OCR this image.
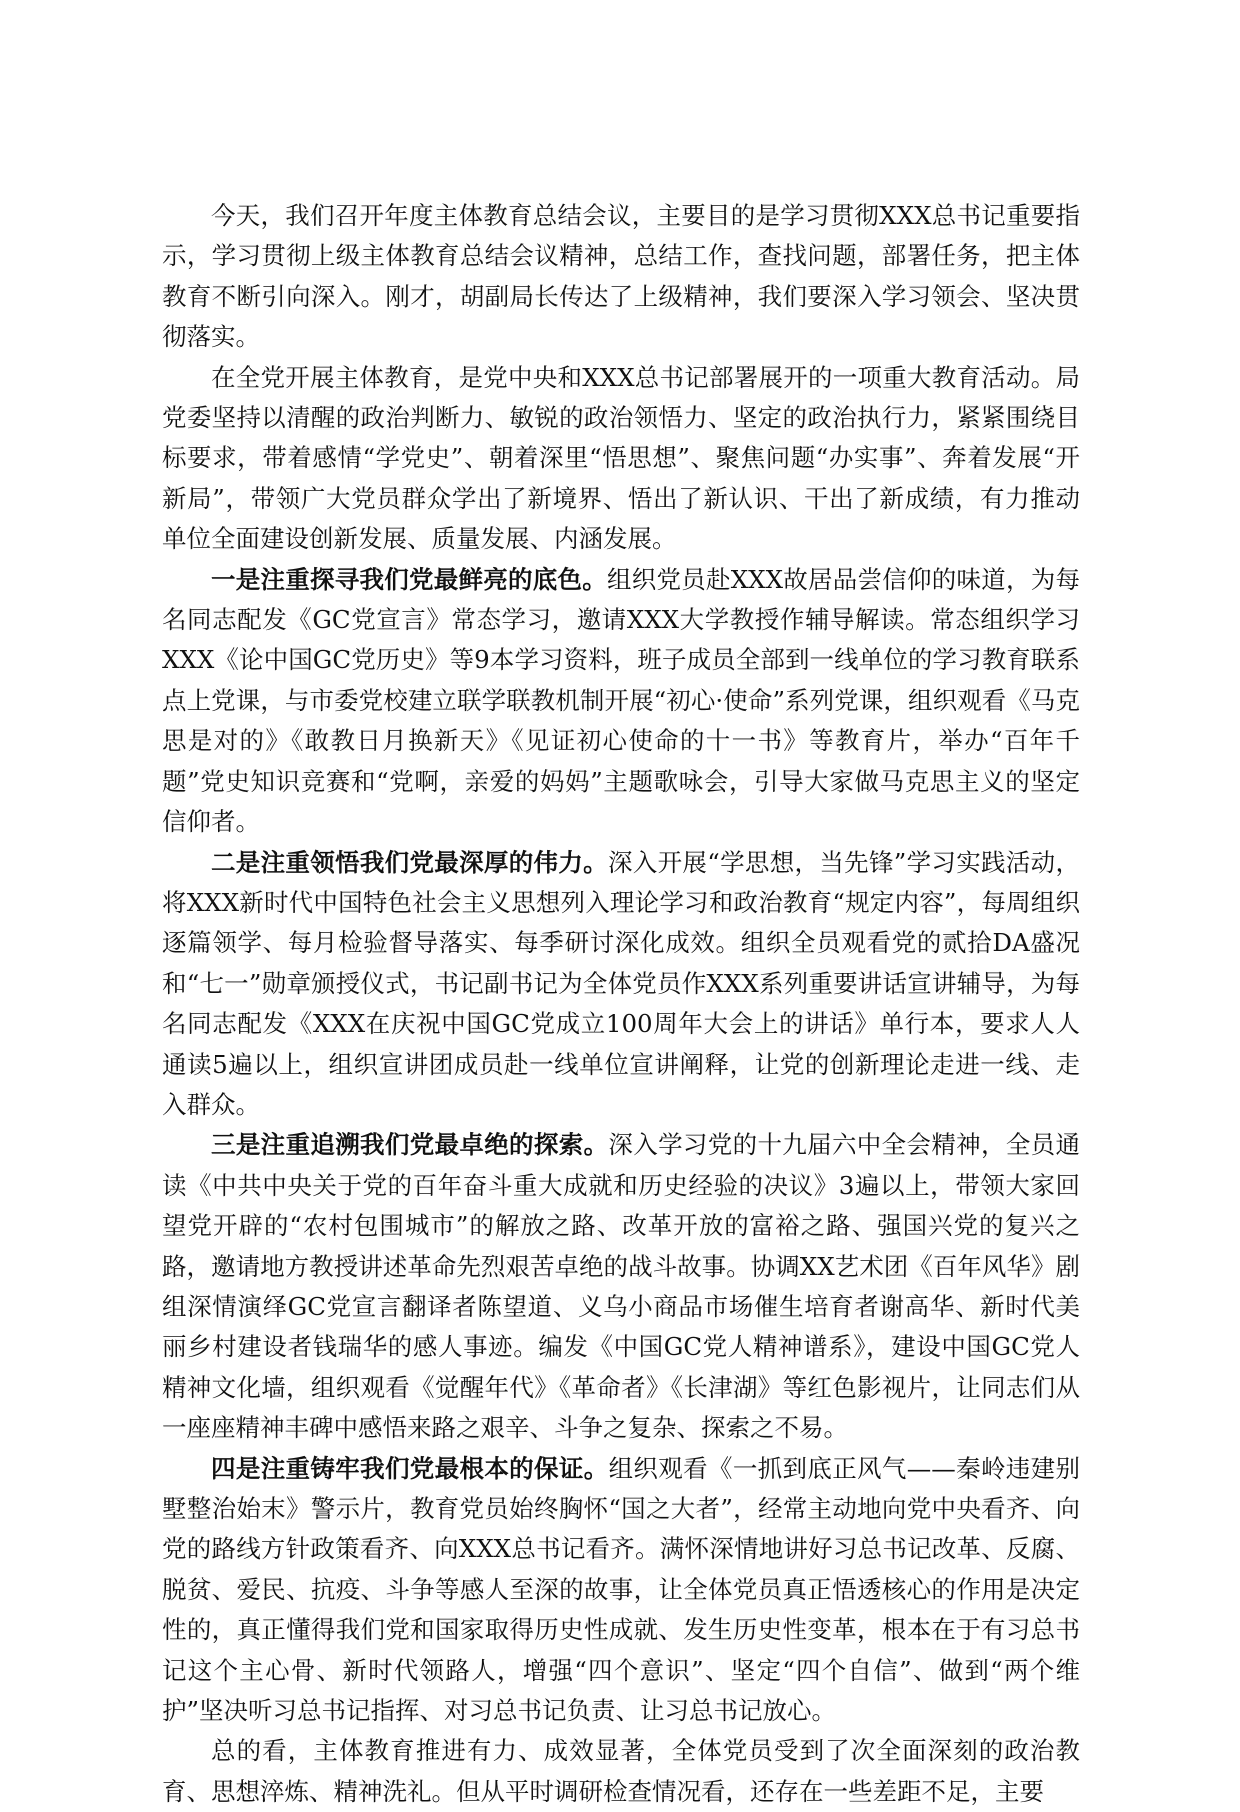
今天，我们召开年度主体教育总结会议，主要目的是学习贯彻XXX总书记重要指示，学习贯彻上级主体教育总结会议精神，总结工作，查找问题，部署任务，把主体教育不断引向深入。刚才，胡副局长传达了上级精神，我们要深入学习领会、坚决贯彻落实。

在全党开展主体教育，是党中央和XXX总书记部署展开的一项重大教育活动。局党委坚持以清醒的政治判断力、敏锐的政治领悟力、坚定的政治执行力，紧紧围绕目标要求，带着感情“学党史”、朝着深里“悟思想”、聚焦问题“办实事”、奔着发展“开新局”，带领广大党员群众学出了新境界、悟出了新认识、干出了新成绩，有力推动单位全面建设创新发展、质量发展、内涵发展。

一是注重探寻我们党最鲜亮的底色。组织党员赴XXX故居品尝信仰的味道，为每名同志配发《GC党宣言》常态学习，邀请XXX大学教授作辅导解读。常态组织学习XXX《论中国GC党历史》等9本学习资料，班子成员全部到一线单位的学习教育联系点上党课，与市委党校建立联学联教机制开展“初心·使命”系列党课，组织观看《马克思是对的》《敢教日月换新天》《见证初心使命的十一书》等教育片，举办“百年千题”党史知识竞赛和“党啊，亲爱的妈妈”主题歌咏会，引导大家做马克思主义的坚定信仰者。

二是注重领悟我们党最深厚的伟力。深入开展“学思想，当先锋”学习实践活动，将XXX新时代中国特色社会主义思想列入理论学习和政治教育“规定内容”，每周组织逐篇领学、每月检验督导落实、每季研讨深化成效。组织全员观看党的贰拾DA盛况和“七一”勋章颁授仪式，书记副书记为全体党员作XXX系列重要讲话宣讲辅导，为每名同志配发《XXX在庆祝中国GC党成立100周年大会上的讲话》单行本，要求人人通读5遍以上，组织宣讲团成员赴一线单位宣讲阐释，让党的创新理论走进一线、走入群众。

三是注重追溯我们党最卓绝的探索。深入学习党的十九届六中全会精神，全员通读《中共中央关于党的百年奋斗重大成就和历史经验的决议》3遍以上，带领大家回望党开辟的“农村包围城市”的解放之路、改革开放的富裕之路、强国兴党的复兴之路，邀请地方教授讲述革命先烈艰苦卓绝的战斗故事。协调XX艺术团《百年风华》剧组深情演绎GC党宣言翻译者陈望道、义乌小商品市场催生培育者谢高华、新时代美丽乡村建设者钱瑞华的感人事迹。编发《中国GC党人精神谱系》，建设中国GC党人精神文化墙，组织观看《觉醒年代》《革命者》《长津湖》等红色影视片，让同志们从一座座精神丰碑中感悟来路之艰辛、斗争之复杂、探索之不易。

四是注重铸牢我们党最根本的保证。组织观看《一抓到底正风气——秦岭违建别墅整治始末》警示片，教育党员始终胸怀“国之大者”，经常主动地向党中央看齐、向党的路线方针政策看齐、向XXX总书记看齐。满怀深情地讲好习总书记改革、反腐、脱贫、爱民、抗疫、斗争等感人至深的故事，让全体党员真正悟透核心的作用是决定性的，真正懂得我们党和国家取得历史性成就、发生历史性变革，根本在于有习总书记这个主心骨、新时代领路人，增强“四个意识”、坚定“四个自信”、做到“两个维护”坚决听习总书记指挥、对习总书记负责、让习总书记放心。

总的看，主体教育推进有力、成效显著，全体党员受到了次全面深刻的政治教育、思想淬炼、精神洗礼。但从平时调研检查情况看，还存在一些差距不足，主要
